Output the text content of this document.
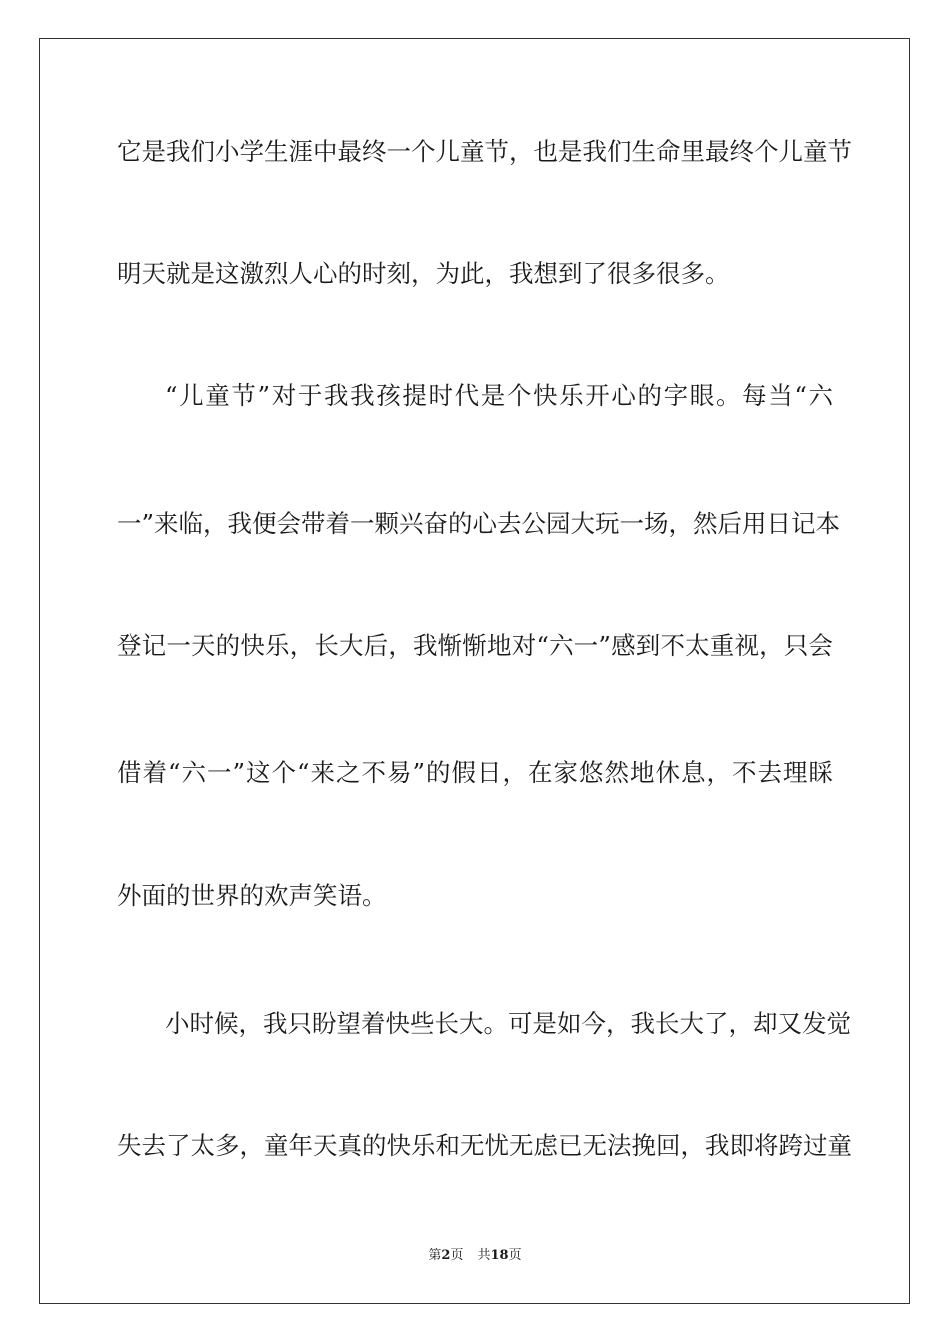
它是我们小学生涯中最终一个儿童节，也是我们生命里最终个儿童节
明天就是这激烈人心的时刻，为此，我想到了很多很多。
“儿童节”对于我我孩提时代是个快乐开心的字眼。每当“六
一”来临，我便会带着一颗兴奋的心去公园大玩一场，然后用日记本
登记一天的快乐，长大后，我惭惭地对“六一”感到不太重视，只会
借着“六一”这个“来之不易”的假日，在家悠然地休息，不去理睬
外面的世界的欢声笑语。
小时候，我只盼望着快些长大。可是如今，我长大了，却又发觉
失去了太多，童年天真的快乐和无忧无虑已无法挽回，我即将跨过童
第2页 共18页
